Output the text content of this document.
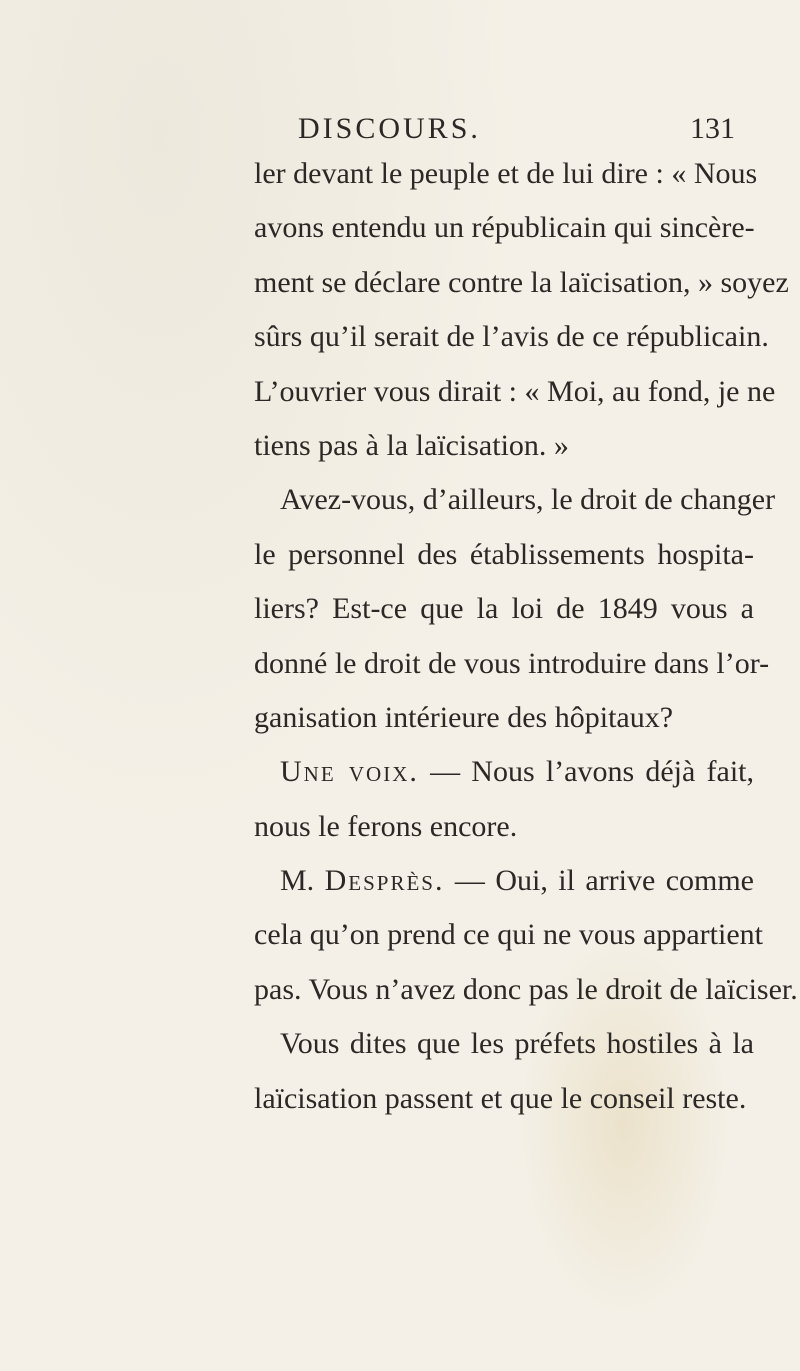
DISCOURS.	131
ler devant le peuple et de lui dire : « Nous
avons entendu un républicain qui sincère-
ment se déclare contre la laïcisation, » soyez
sûrs qu’il serait de l’avis de ce républicain.
L’ouvrier vous dirait : « Moi, au fond, je ne
tiens pas à la laïcisation. »
Avez-vous, d’ailleurs, le droit de changer
le personnel des établissements hospita-
liers? Est-ce que la loi de 1849 vous a
donné le droit de vous introduire dans l’or-
ganisation intérieure des hôpitaux?
Une voix. — Nous l’avons déjà fait,
nous le ferons encore.
M. Desprès. — Oui, il arrive comme
cela qu’on prend ce qui ne vous appartient
pas. Vous n’avez donc pas le droit de laïciser.
Vous dites que les préfets hostiles à la
laïcisation passent et que le conseil reste.
